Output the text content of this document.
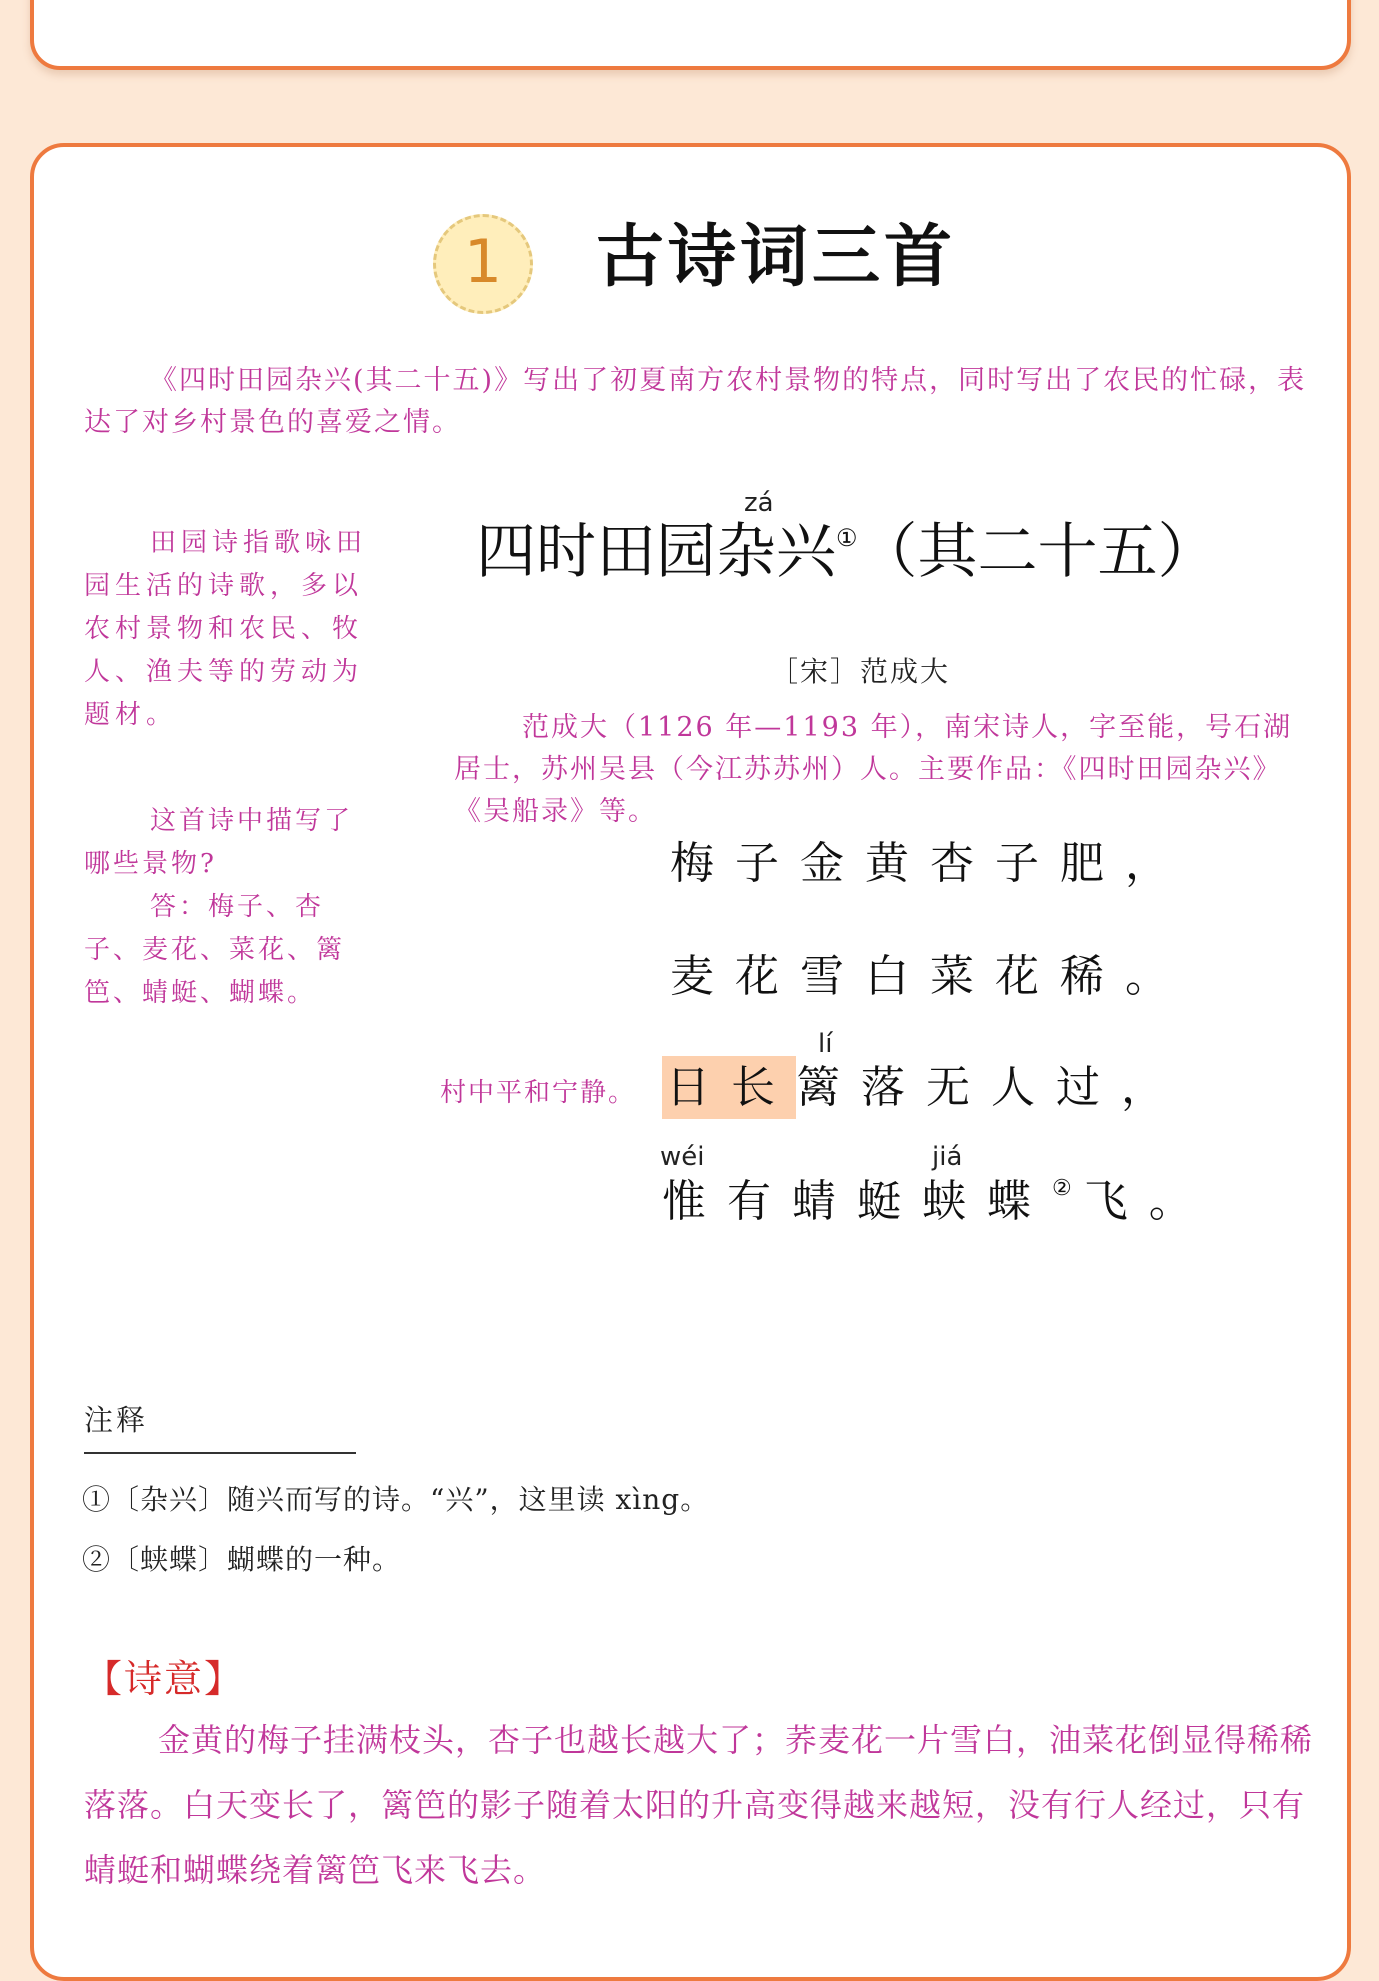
1 古诗词三首
《四时田园杂兴(其二十五)》写出了初夏南方农村景物的特点，同时写出了农民的忙碌，表达了对乡村景色的喜爱之情。
田园诗指歌咏田园生活的诗歌，多以农村景物和农民、牧人、渔夫等的劳动为题材。

这首诗中描写了哪些景物?

答：梅子、杏子、麦花、菜花、篱笆、蜻蜓、蝴蝶。

zá
四时田园杂兴①（其二十五）
［宋］范成大
范成大（1126 年—1193 年），南宋诗人，字至能，号石湖居士，苏州吴县（今江苏苏州）人。主要作品：《四时田园杂兴》《吴船录》等。
梅子金黄杏子肥，
麦花雪白菜花稀。
lí
村中平和宁静。 日长篱落无人过，
wéi	jiá
惟有蜻蜓蛱蝶② 飞。
注释
①〔杂兴〕随兴而写的诗。“兴”，这里读 xìng。
②〔蛱蝶〕蝴蝶的一种。
【诗意】
金黄的梅子挂满枝头，杏子也越长越大了；荞麦花一片雪白，油菜花倒显得稀稀落落。白天变长了，篱笆的影子随着太阳的升高变得越来越短，没有行人经过，只有蜻蜓和蝴蝶绕着篱笆飞来飞去。
